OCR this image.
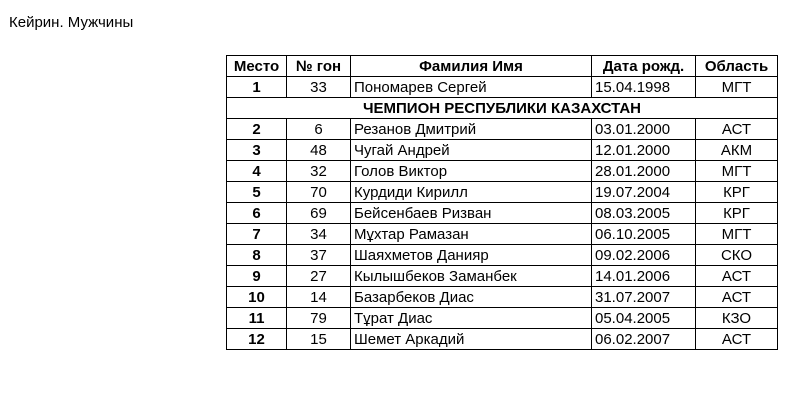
Кейрин. Мужчины
Место	№ гон	Фамилия Имя	Дата рожд.	Область
1	33	Пономарев Сергей	15.04.1998	МГТ
ЧЕМПИОН РЕСПУБЛИКИ КАЗАХСТАН				
2	6	Резанов Дмитрий	03.01.2000	АСТ
3	48	Чугай Андрей	12.01.2000	АКМ
4	32	Голов Виктор	28.01.2000	МГТ
5	70	Курдиди Кирилл	19.07.2004	КРГ
6	69	Бейсенбаев Ризван	08.03.2005	КРГ
7	34	Мұхтар Рамазан	06.10.2005	МГТ
8	37	Шаяхметов Данияр	09.02.2006	СКО
9	27	Кылышбеков Заманбек	14.01.2006	АСТ
10	14	Базарбеков Диас	31.07.2007	АСТ
11	79	Тұрат Диас	05.04.2005	КЗО
12	15	Шемет Аркадий	06.02.2007	АСТ
